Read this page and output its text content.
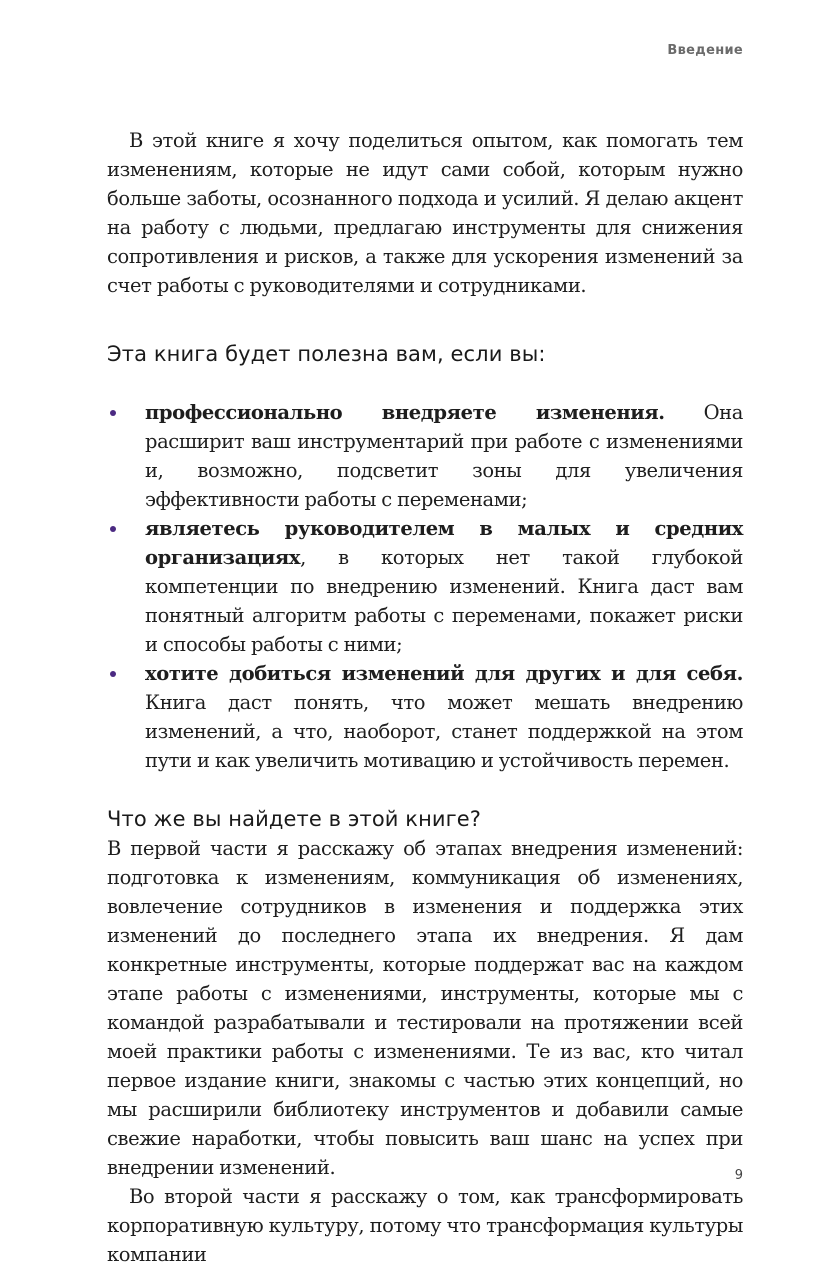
Введение

В этой книге я хочу поделиться опытом, как помогать тем изменениям, которые не идут сами собой, которым нужно больше заботы, осознанного подхода и усилий. Я делаю акцент на работу с людьми, предлагаю инструменты для снижения сопротивления и рисков, а также для ускорения изменений за счет работы с руководителями и сотрудниками.

Эта книга будет полезна вам, если вы:
профессионально внедряете изменения. Она расширит ваш инструментарий при работе с изменениями и, возможно, подсветит зоны для увеличения эффективности работы с переменами;
являетесь руководителем в малых и средних организациях, в которых нет такой глубокой компетенции по внедрению изменений. Книга даст вам понятный алгоритм работы с переменами, покажет риски и способы работы с ними;
хотите добиться изменений для других и для себя. Книга даст понять, что может мешать внедрению изменений, а что, наоборот, станет поддержкой на этом пути и как увеличить мотивацию и устойчивость перемен.
Что же вы найдете в этой книге?

В первой части я расскажу об этапах внедрения изменений: подготовка к изменениям, коммуникация об изменениях, вовлечение сотрудников в изменения и поддержка этих изменений до последнего этапа их внедрения. Я дам конкретные инструменты, которые поддержат вас на каждом этапе работы с изменениями, инструменты, которые мы с командой разрабатывали и тестировали на протяжении всей моей практики работы с изменениями. Те из вас, кто читал первое издание книги, знакомы с частью этих концепций, но мы расширили библиотеку инструментов и добавили самые свежие наработки, чтобы повысить ваш шанс на успех при внедрении изменений.

Во второй части я расскажу о том, как трансформировать корпоративную культуру, потому что трансформация культуры компании

9
